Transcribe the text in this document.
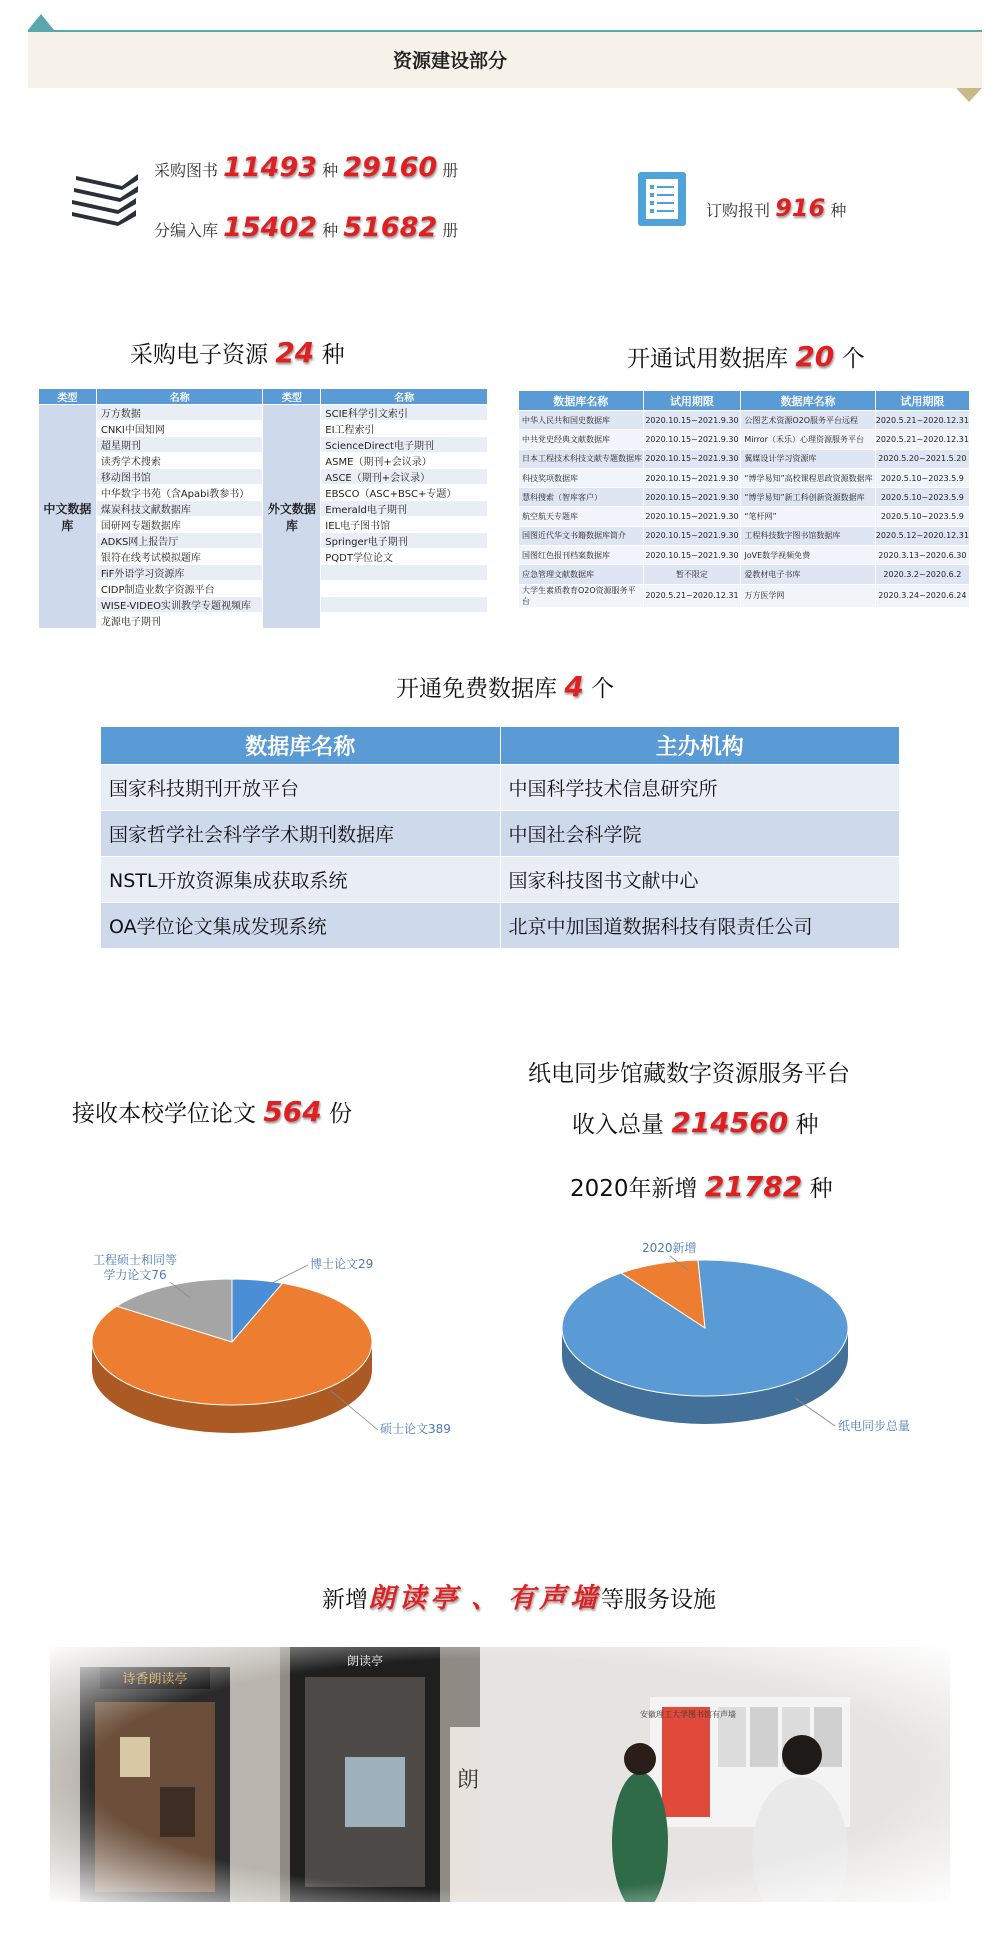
资源建设部分
采购图书 11493 种 29160 册
分编入库 15402 种 51682 册
订购报刊 916 种
采购电子资源 24 种	开通试用数据库 20 个
类型	名称	类型	名称
中文数据库	万方数据	外文数据库	SCIE科学引文索引
	CNKI中国知网		EI工程索引
	超星期刊		ScienceDirect电子期刊
	读秀学术搜索		ASME（期刊+会议录）
	移动图书馆		ASCE（期刊+会议录）
	中华数字书苑（含Apabi教参书）		EBSCO（ASC+BSC+专题）
	煤炭科技文献数据库		Emerald电子期刊
	国研网专题数据库		IEL电子图书馆
	ADKS网上报告厅		Springer电子期刊
	银符在线考试模拟题库		PQDT学位论文
	FiF外语学习资源库		
	CIDP制造业数字资源平台		
	WISE-VIDEO实训教学专题视频库		
	龙源电子期刊		
数据库名称	试用期限	数据库名称	试用期限
中华人民共和国史数据库	2020.10.15~2021.9.30	公图艺术资源O2O服务平台远程	2020.5.21~2020.12.31
中共党史经典文献数据库	2020.10.15~2021.9.30	Mirror（禾乐）心理资源服务平台	2020.5.21~2020.12.31
日本工程技术科技文献专题数据库	2020.10.15~2021.9.30	翼媒设计学习资源库	2020.5.20~2021.5.20
科技奖项数据库	2020.10.15~2021.9.30	“博学易知”高校课程思政资源数据库	2020.5.10~2023.5.9
慧科搜索（智库客户）	2020.10.15~2021.9.30	“博学易知”新工科创新资源数据库	2020.5.10~2023.5.9
航空航天专题库	2020.10.15~2021.9.30	“笔杆网”	2020.5.10~2023.5.9
国图近代华文书籍数据库简介	2020.10.15~2021.9.30	工程科技数字图书馆数据库	2020.5.12~2020.12.31
国图红色报刊档案数据库	2020.10.15~2021.9.30	JoVE数学视频免费	2020.3.13~2020.6.30
应急管理文献数据库	暂不限定	爱教材电子书库	2020.3.2~2020.6.2
大学生素质教育O2O资源服务平台	2020.5.21~2020.12.31	万方医学网	2020.3.24~2020.6.24
开通免费数据库 4 个
数据库名称	主办机构
国家科技期刊开放平台	中国科学技术信息研究所
国家哲学社会科学学术期刊数据库	中国社会科学院
NSTL开放资源集成获取系统	国家科技图书文献中心
OA学位论文集成发现系统	北京中加国道数据科技有限责任公司
接收本校学位论文 564 份
纸电同步馆藏数字资源服务平台
收入总量 214560 种
2020年新增 21782 种
博士论文29
硕士论文389
工程硕士和同等学力论文76
2020新增
纸电同步总量
新增朗读亭 、 有声墙等服务设施
